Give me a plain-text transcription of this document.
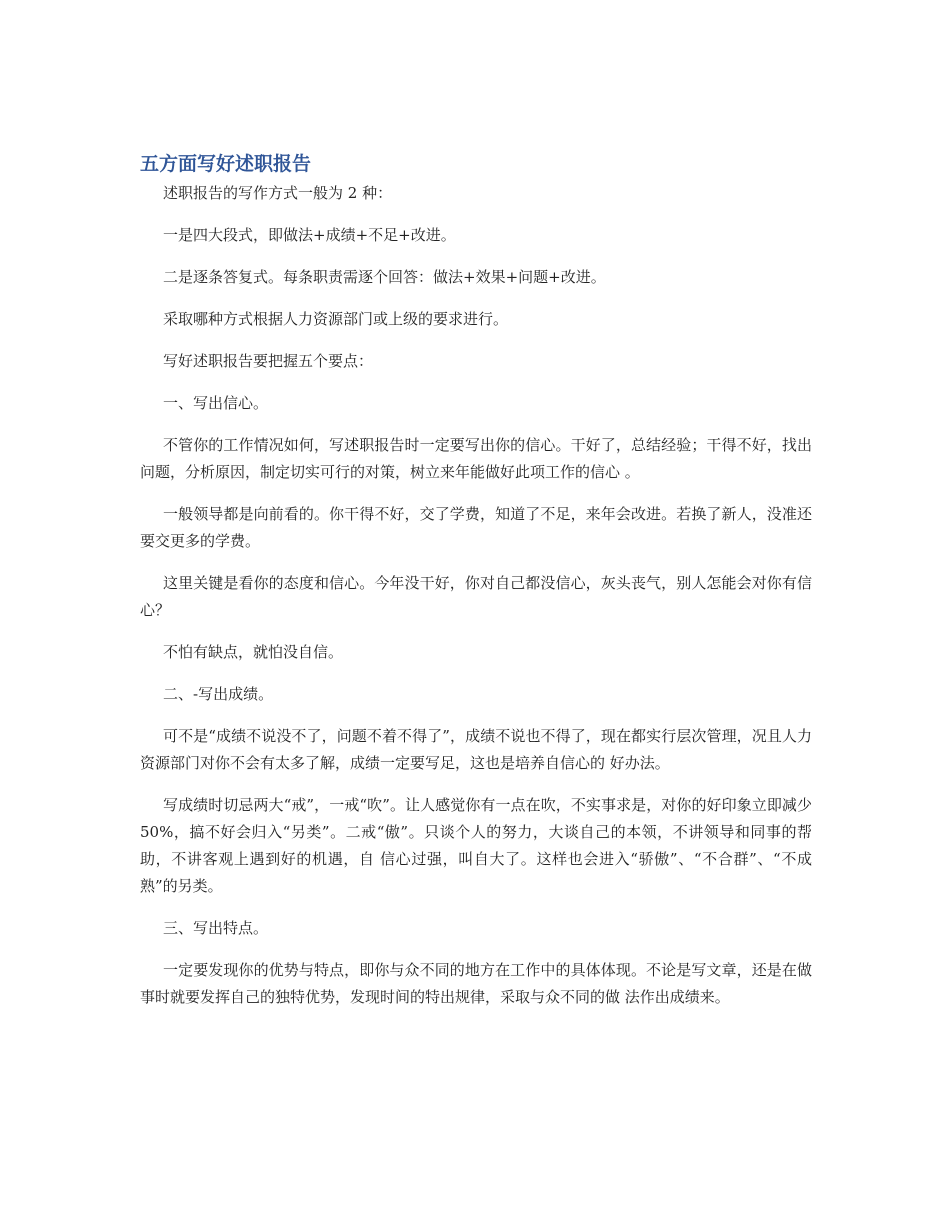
五方面写好述职报告

述职报告的写作方式一般为 2 种：

一是四大段式，即做法+成绩+不足+改进。

二是逐条答复式。每条职责需逐个回答：做法+效果+问题+改进。

采取哪种方式根据人力资源部门或上级的要求进行。

写好述职报告要把握五个要点：

一、写出信心。

不管你的工作情况如何，写述职报告时一定要写出你的信心。干好了，总结经验；干得不好，找出问题，分析原因，制定切实可行的对策，树立来年能做好此项工作的信心 。

一般领导都是向前看的。你干得不好，交了学费，知道了不足，来年会改进。若换了新人，没准还要交更多的学费。

这里关键是看你的态度和信心。今年没干好，你对自己都没信心，灰头丧气，别人怎能会对你有信心？

不怕有缺点，就怕没自信。

二、-写出成绩。

可不是“成绩不说没不了，问题不着不得了”，成绩不说也不得了，现在都实行层次管理，况且人力资源部门对你不会有太多了解，成绩一定要写足，这也是培养自信心的 好办法。

写成绩时切忌两大“戒”，一戒“吹”。让人感觉你有一点在吹，不实事求是，对你的好印象立即减少 50%，搞不好会归入“另类”。二戒“傲”。只谈个人的努力，大谈自己的本领，不讲领导和同事的帮助，不讲客观上遇到好的机遇，自 信心过强，叫自大了。这样也会进入“骄傲”、“不合群”、“不成熟”的另类。

三、写出特点。

一定要发现你的优势与特点，即你与众不同的地方在工作中的具体体现。不论是写文章，还是在做事时就要发挥自己的独特优势，发现时间的特出规律，采取与众不同的做 法作出成绩来。
